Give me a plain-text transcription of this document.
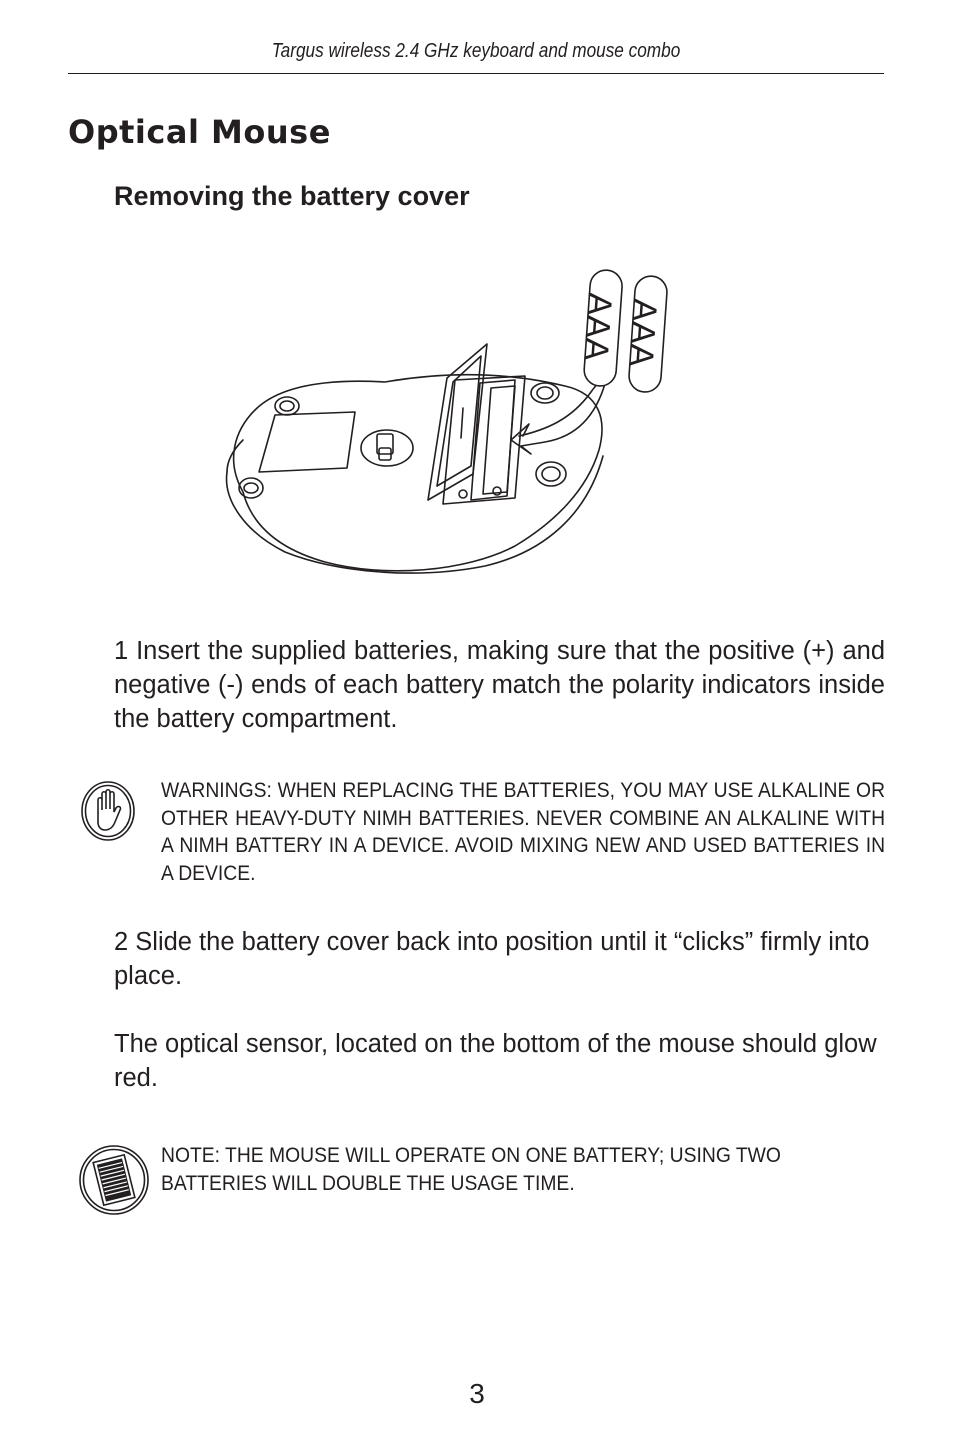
Targus wireless 2.4 GHz keyboard and mouse combo
Optical Mouse
Removing the battery cover
AAA AAA
1 Insert the supplied batteries, making sure that the positive (+) and negative (-) ends of each battery match the polarity indicators inside the battery compartment.
WARNINGS: WHEN REPLACING THE BATTERIES, YOU MAY USE ALKALINE OR OTHER HEAVY-DUTY NIMH BATTERIES. NEVER COMBINE AN ALKALINE WITH A NIMH BATTERY IN A DEVICE. AVOID MIXING NEW AND USED BATTERIES IN A DEVICE.
2 Slide the battery cover back into position until it “clicks” firmly into place.
The optical sensor, located on the bottom of the mouse should glow red.
NOTE: THE MOUSE WILL OPERATE ON ONE BATTERY; USING TWO BATTERIES WILL DOUBLE THE USAGE TIME.
3
